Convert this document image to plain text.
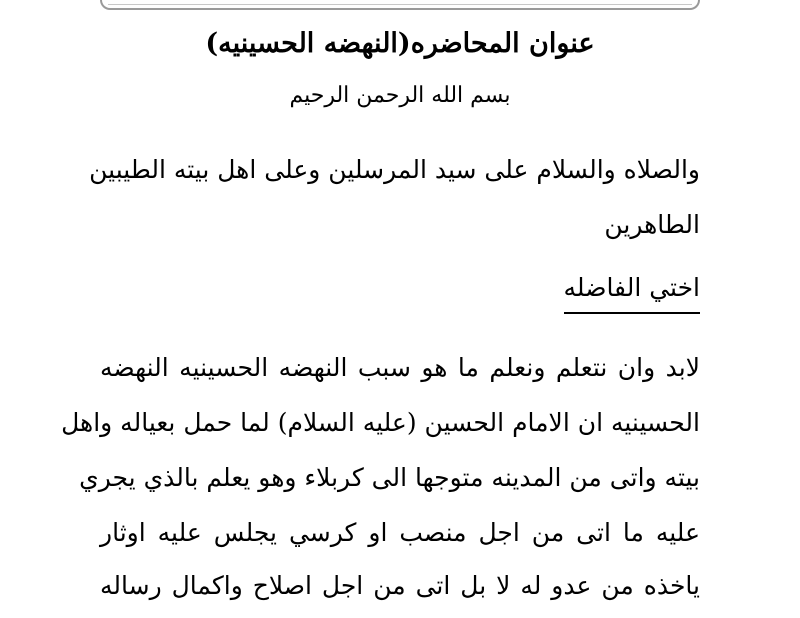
عنوان المحاضره(النهضه الحسينيه)
بسم الله الرحمن الرحيم
والصلاه والسلام على سيد المرسلين وعلى اهل بيته الطيبين
الطاهرين
اختي الفاضله
لابد وان نتعلم ونعلم ما هو سبب النهضه الحسينيه النهضه
الحسينيه ان الامام الحسين (عليه السلام) لما حمل بعياله واهل
بيته واتى من المدينه متوجها الى كربلاء وهو يعلم بالذي يجري
عليه ما اتى من اجل منصب او كرسي يجلس عليه اوثار
ياخذه من عدو له لا بل اتى من اجل اصلاح واكمال رساله
